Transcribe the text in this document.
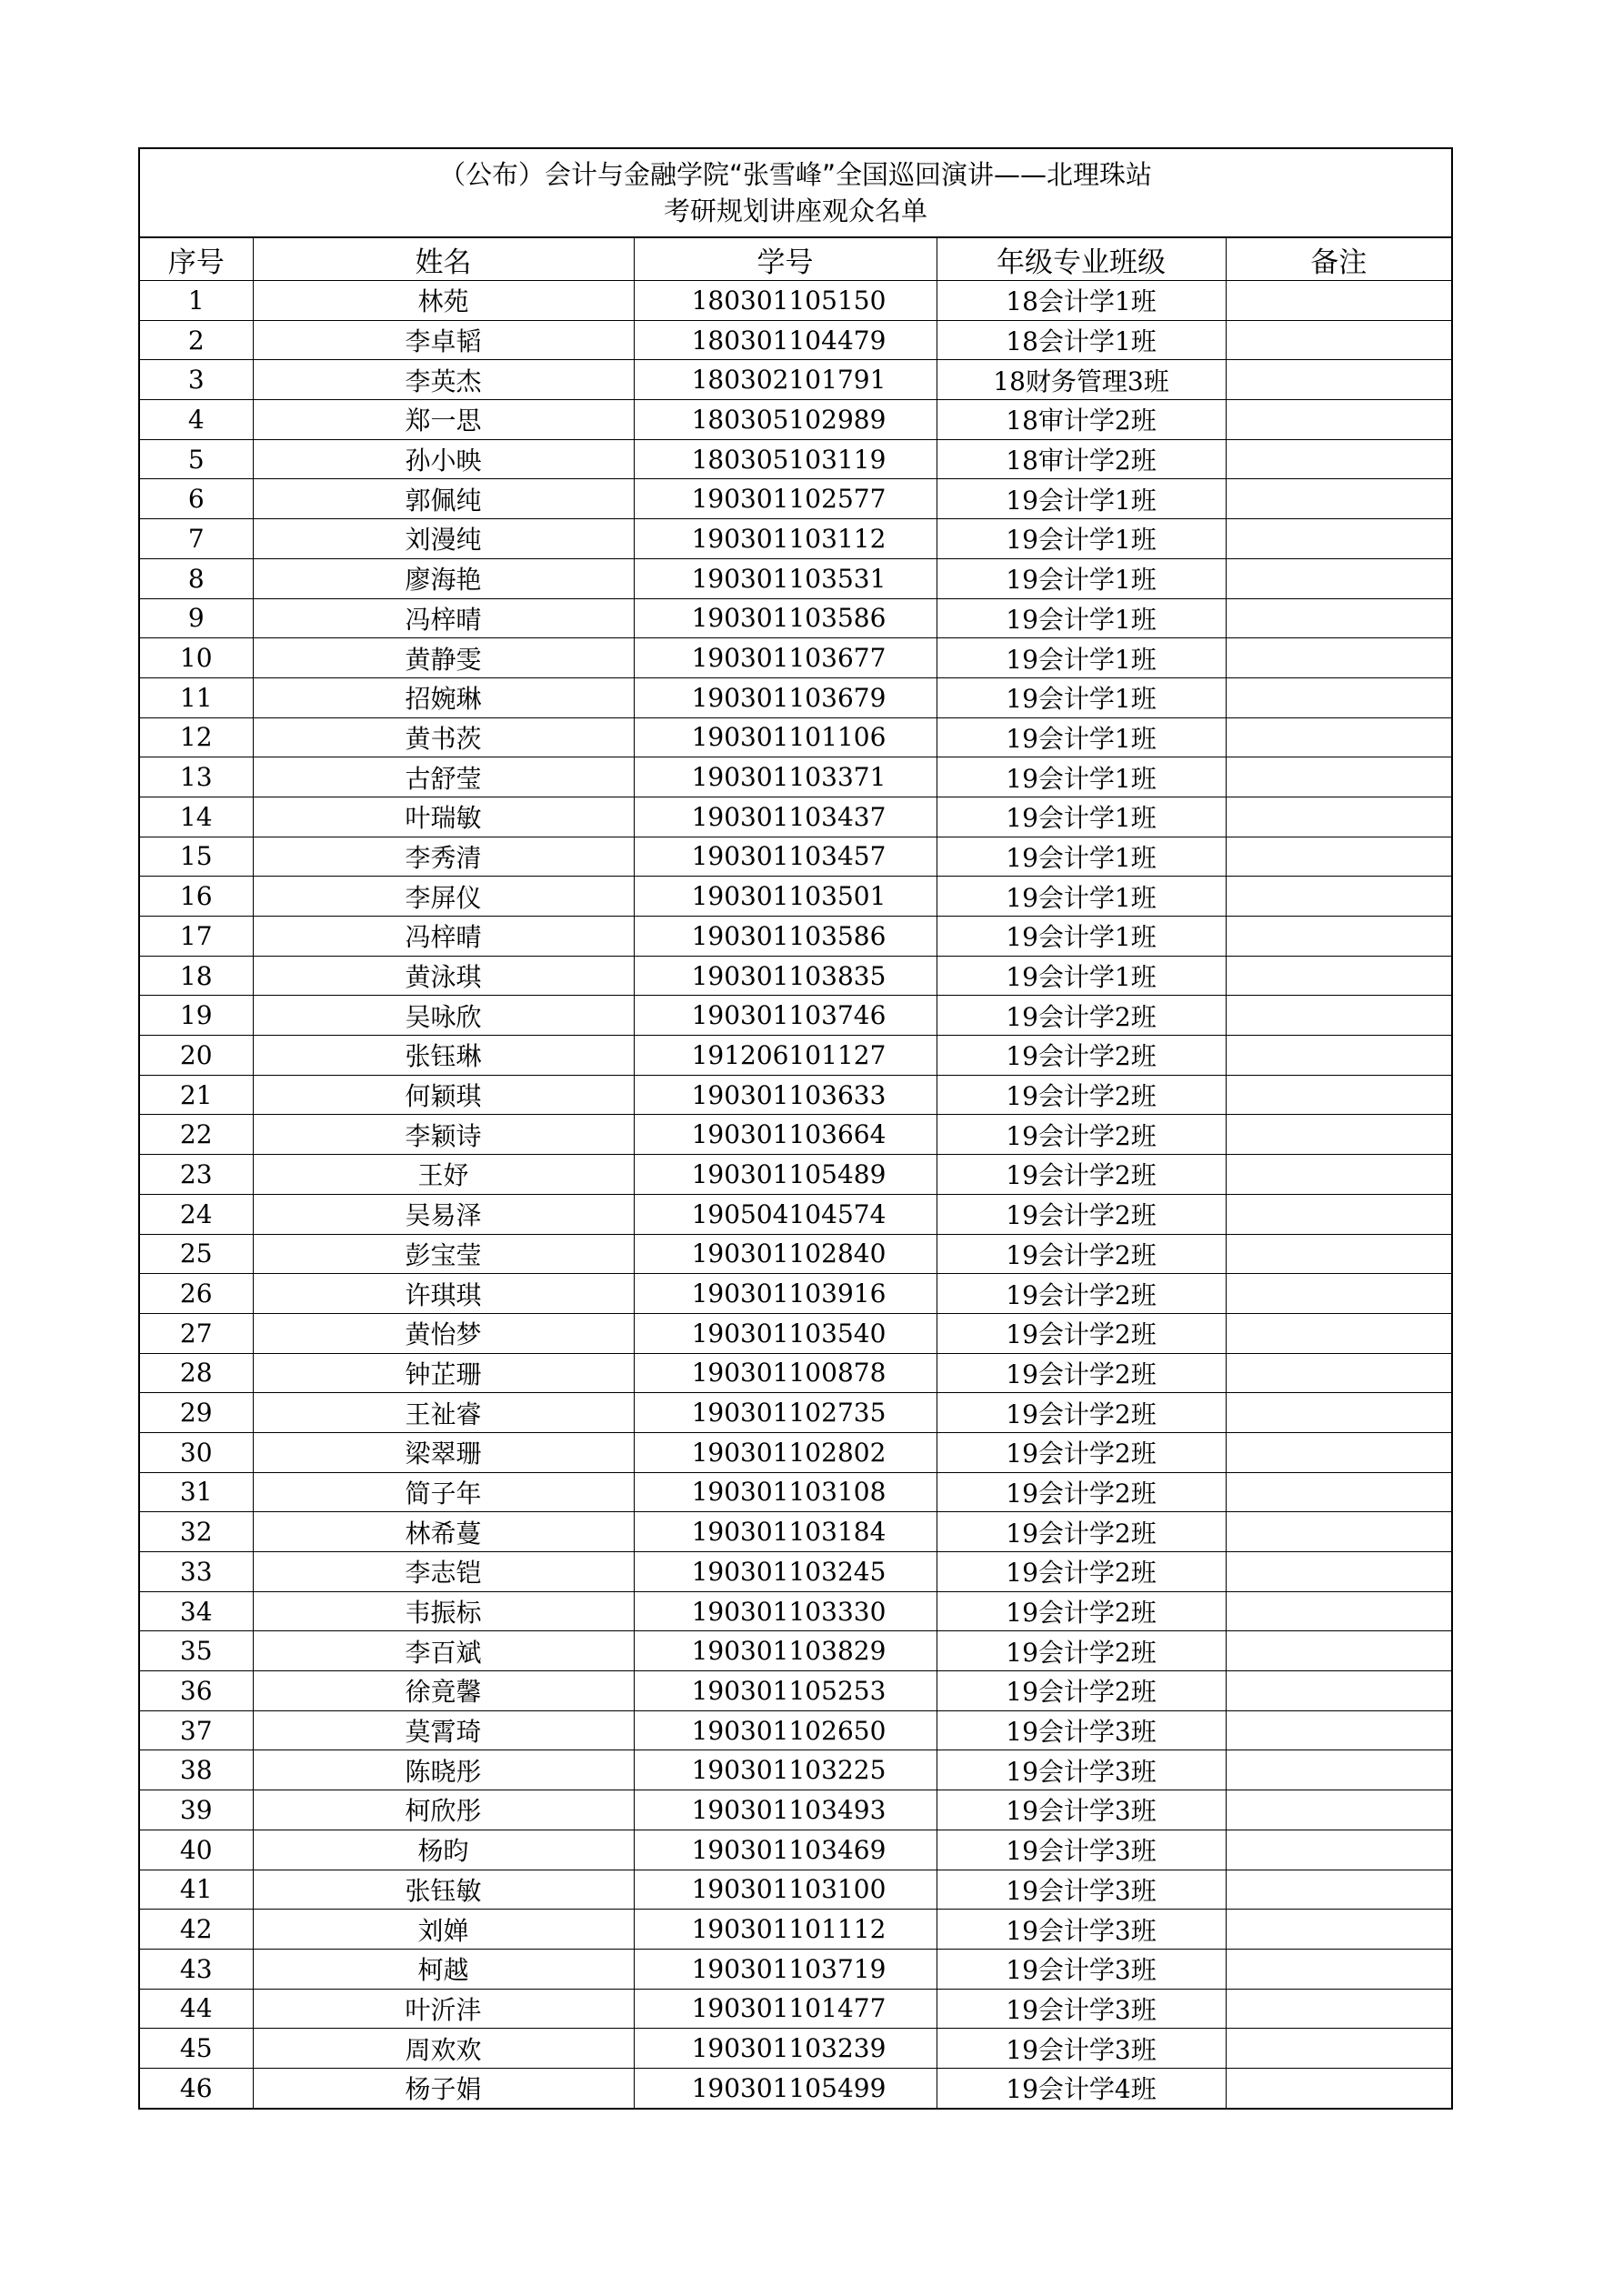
（公布）会计与金融学院“张雪峰”全国巡回演讲——北理珠站
考研规划讲座观众名单				

序号	姓名	学号	年级专业班级	备注
1	林苑	180301105150	18会计学1班	
2	李卓韬	180301104479	18会计学1班	
3	李英杰	180302101791	18财务管理3班	
4	郑一思	180305102989	18审计学2班	
5	孙小映	180305103119	18审计学2班	
6	郭佩纯	190301102577	19会计学1班	
7	刘漫纯	190301103112	19会计学1班	
8	廖海艳	190301103531	19会计学1班	
9	冯梓晴	190301103586	19会计学1班	
10	黄静雯	190301103677	19会计学1班	
11	招婉琳	190301103679	19会计学1班	
12	黄书茨	190301101106	19会计学1班	
13	古舒莹	190301103371	19会计学1班	
14	叶瑞敏	190301103437	19会计学1班	
15	李秀清	190301103457	19会计学1班	
16	李屏仪	190301103501	19会计学1班	
17	冯梓晴	190301103586	19会计学1班	
18	黄泳琪	190301103835	19会计学1班	
19	吴咏欣	190301103746	19会计学2班	
20	张钰琳	191206101127	19会计学2班	
21	何颖琪	190301103633	19会计学2班	
22	李颖诗	190301103664	19会计学2班	
23	王妤	190301105489	19会计学2班	
24	吴易泽	190504104574	19会计学2班	
25	彭宝莹	190301102840	19会计学2班	
26	许琪琪	190301103916	19会计学2班	
27	黄怡梦	190301103540	19会计学2班	
28	钟芷珊	190301100878	19会计学2班	
29	王祉睿	190301102735	19会计学2班	
30	梁翠珊	190301102802	19会计学2班	
31	简子年	190301103108	19会计学2班	
32	林希蔓	190301103184	19会计学2班	
33	李志铠	190301103245	19会计学2班	
34	韦振标	190301103330	19会计学2班	
35	李百斌	190301103829	19会计学2班	
36	徐竟馨	190301105253	19会计学2班	
37	莫霄琦	190301102650	19会计学3班	
38	陈晓彤	190301103225	19会计学3班	
39	柯欣彤	190301103493	19会计学3班	
40	杨昀	190301103469	19会计学3班	
41	张钰敏	190301103100	19会计学3班	
42	刘婵	190301101112	19会计学3班	
43	柯越	190301103719	19会计学3班	
44	叶沂沣	190301101477	19会计学3班	
45	周欢欢	190301103239	19会计学3班	
46	杨子娟	190301105499	19会计学4班	
